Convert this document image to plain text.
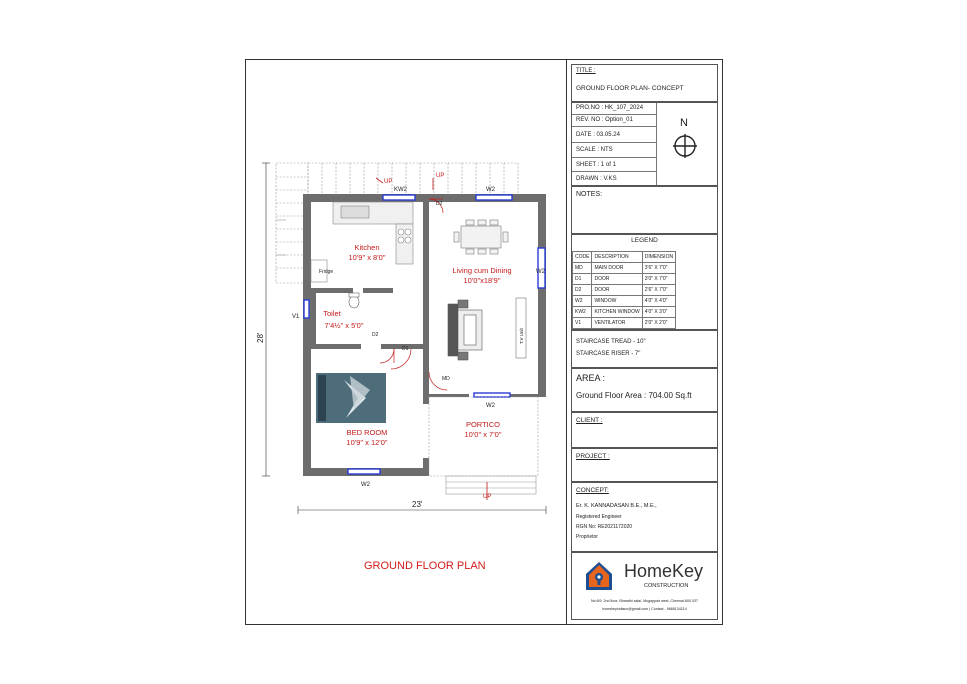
Kitchen
10'9" x 8'0"
Living cum Dining
10'0"x18'9"
Toilet
7'4½" x 5'0"
BED ROOM
10'9" x 12'0"
PORTICO
10'0" x 7'0"
UP
UP
UP
KW2	W2
W2
W2
W2
D2
D2
D1
MD
V1
Fridge
T.V Unit
28'
23'
GROUND FLOOR PLAN
TITLE :
GROUND FLOOR PLAN- CONCEPT
PRO.NO : HK_107_2024
REV. NO : Option_01
DATE : 03.05.24
SCALE : NTS
SHEET : 1 of 1
DRAWN : V.KS
N
NOTES:
LEGEND
CODE	DESCRIPTION	DIMENSION
MD	MAIN DOOR	3'6" X 7'0"
D1	DOOR	3'0" X 7'0"
D2	DOOR	2'6" X 7'0"
W2	WINDOW	4'0" X 4'0"
KW2	KITCHEN WINDOW	4'0" X 3'0"
V1	VENTILATOR	2'0" X 2'0"
STAIRCASE TREAD - 10"
STAIRCASE RISER - 7"
AREA :
Ground Floor Area : 704.00 Sq.ft
CLIENT :
PROJECT :
CONCEPT:
Er. K. KANNADASAN B.E., M.E.,
Registered Engineer
RGN No: RE2021172020
Proprietor
HomeKey
CONSTRUCTION
No.6/9, 2nd floor, Bharathi salai, Mugappair west, Chennai-600 037
homekeyindianc@gmail.com | Contact - 9668134214
